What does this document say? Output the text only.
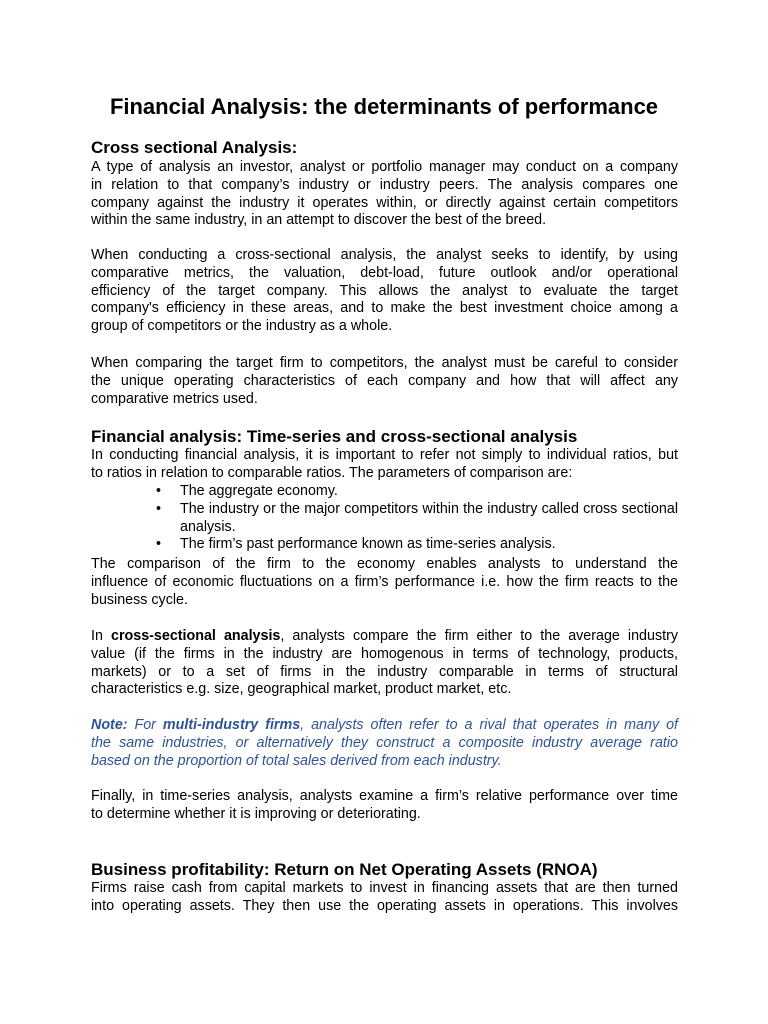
Financial Analysis: the determinants of performance
Cross sectional Analysis:
A type of analysis an investor, analyst or portfolio manager may conduct on a company
in relation to that company’s industry or industry peers. The analysis compares one
company against the industry it operates within, or directly against certain competitors
within the same industry, in an attempt to discover the best of the breed.
When conducting a cross-sectional analysis, the analyst seeks to identify, by using
comparative metrics, the valuation, debt-load, future outlook and/or operational
efficiency of the target company. This allows the analyst to evaluate the target
company's efficiency in these areas, and to make the best investment choice among a
group of competitors or the industry as a whole.
When comparing the target firm to competitors, the analyst must be careful to consider
the unique operating characteristics of each company and how that will affect any
comparative metrics used.
Financial analysis: Time-series and cross-sectional analysis
In conducting financial analysis, it is important to refer not simply to individual ratios, but
to ratios in relation to comparable ratios. The parameters of comparison are:
•	The aggregate economy.
•	The industry or the major competitors within the industry called cross sectional analysis.
•	The firm’s past performance known as time-series analysis.
The comparison of the firm to the economy enables analysts to understand the
influence of economic fluctuations on a firm’s performance i.e. how the firm reacts to the
business cycle.
In cross-sectional analysis, analysts compare the firm either to the average industry
value (if the firms in the industry are homogenous in terms of technology, products,
markets) or to a set of firms in the industry comparable in terms of structural
characteristics e.g. size, geographical market, product market, etc.
Note: For multi-industry firms, analysts often refer to a rival that operates in many of
the same industries, or alternatively they construct a composite industry average ratio
based on the proportion of total sales derived from each industry.
Finally, in time-series analysis, analysts examine a firm’s relative performance over time
to determine whether it is improving or deteriorating.
Business profitability: Return on Net Operating Assets (RNOA)
Firms raise cash from capital markets to invest in financing assets that are then turned
into operating assets. They then use the operating assets in operations. This involves
